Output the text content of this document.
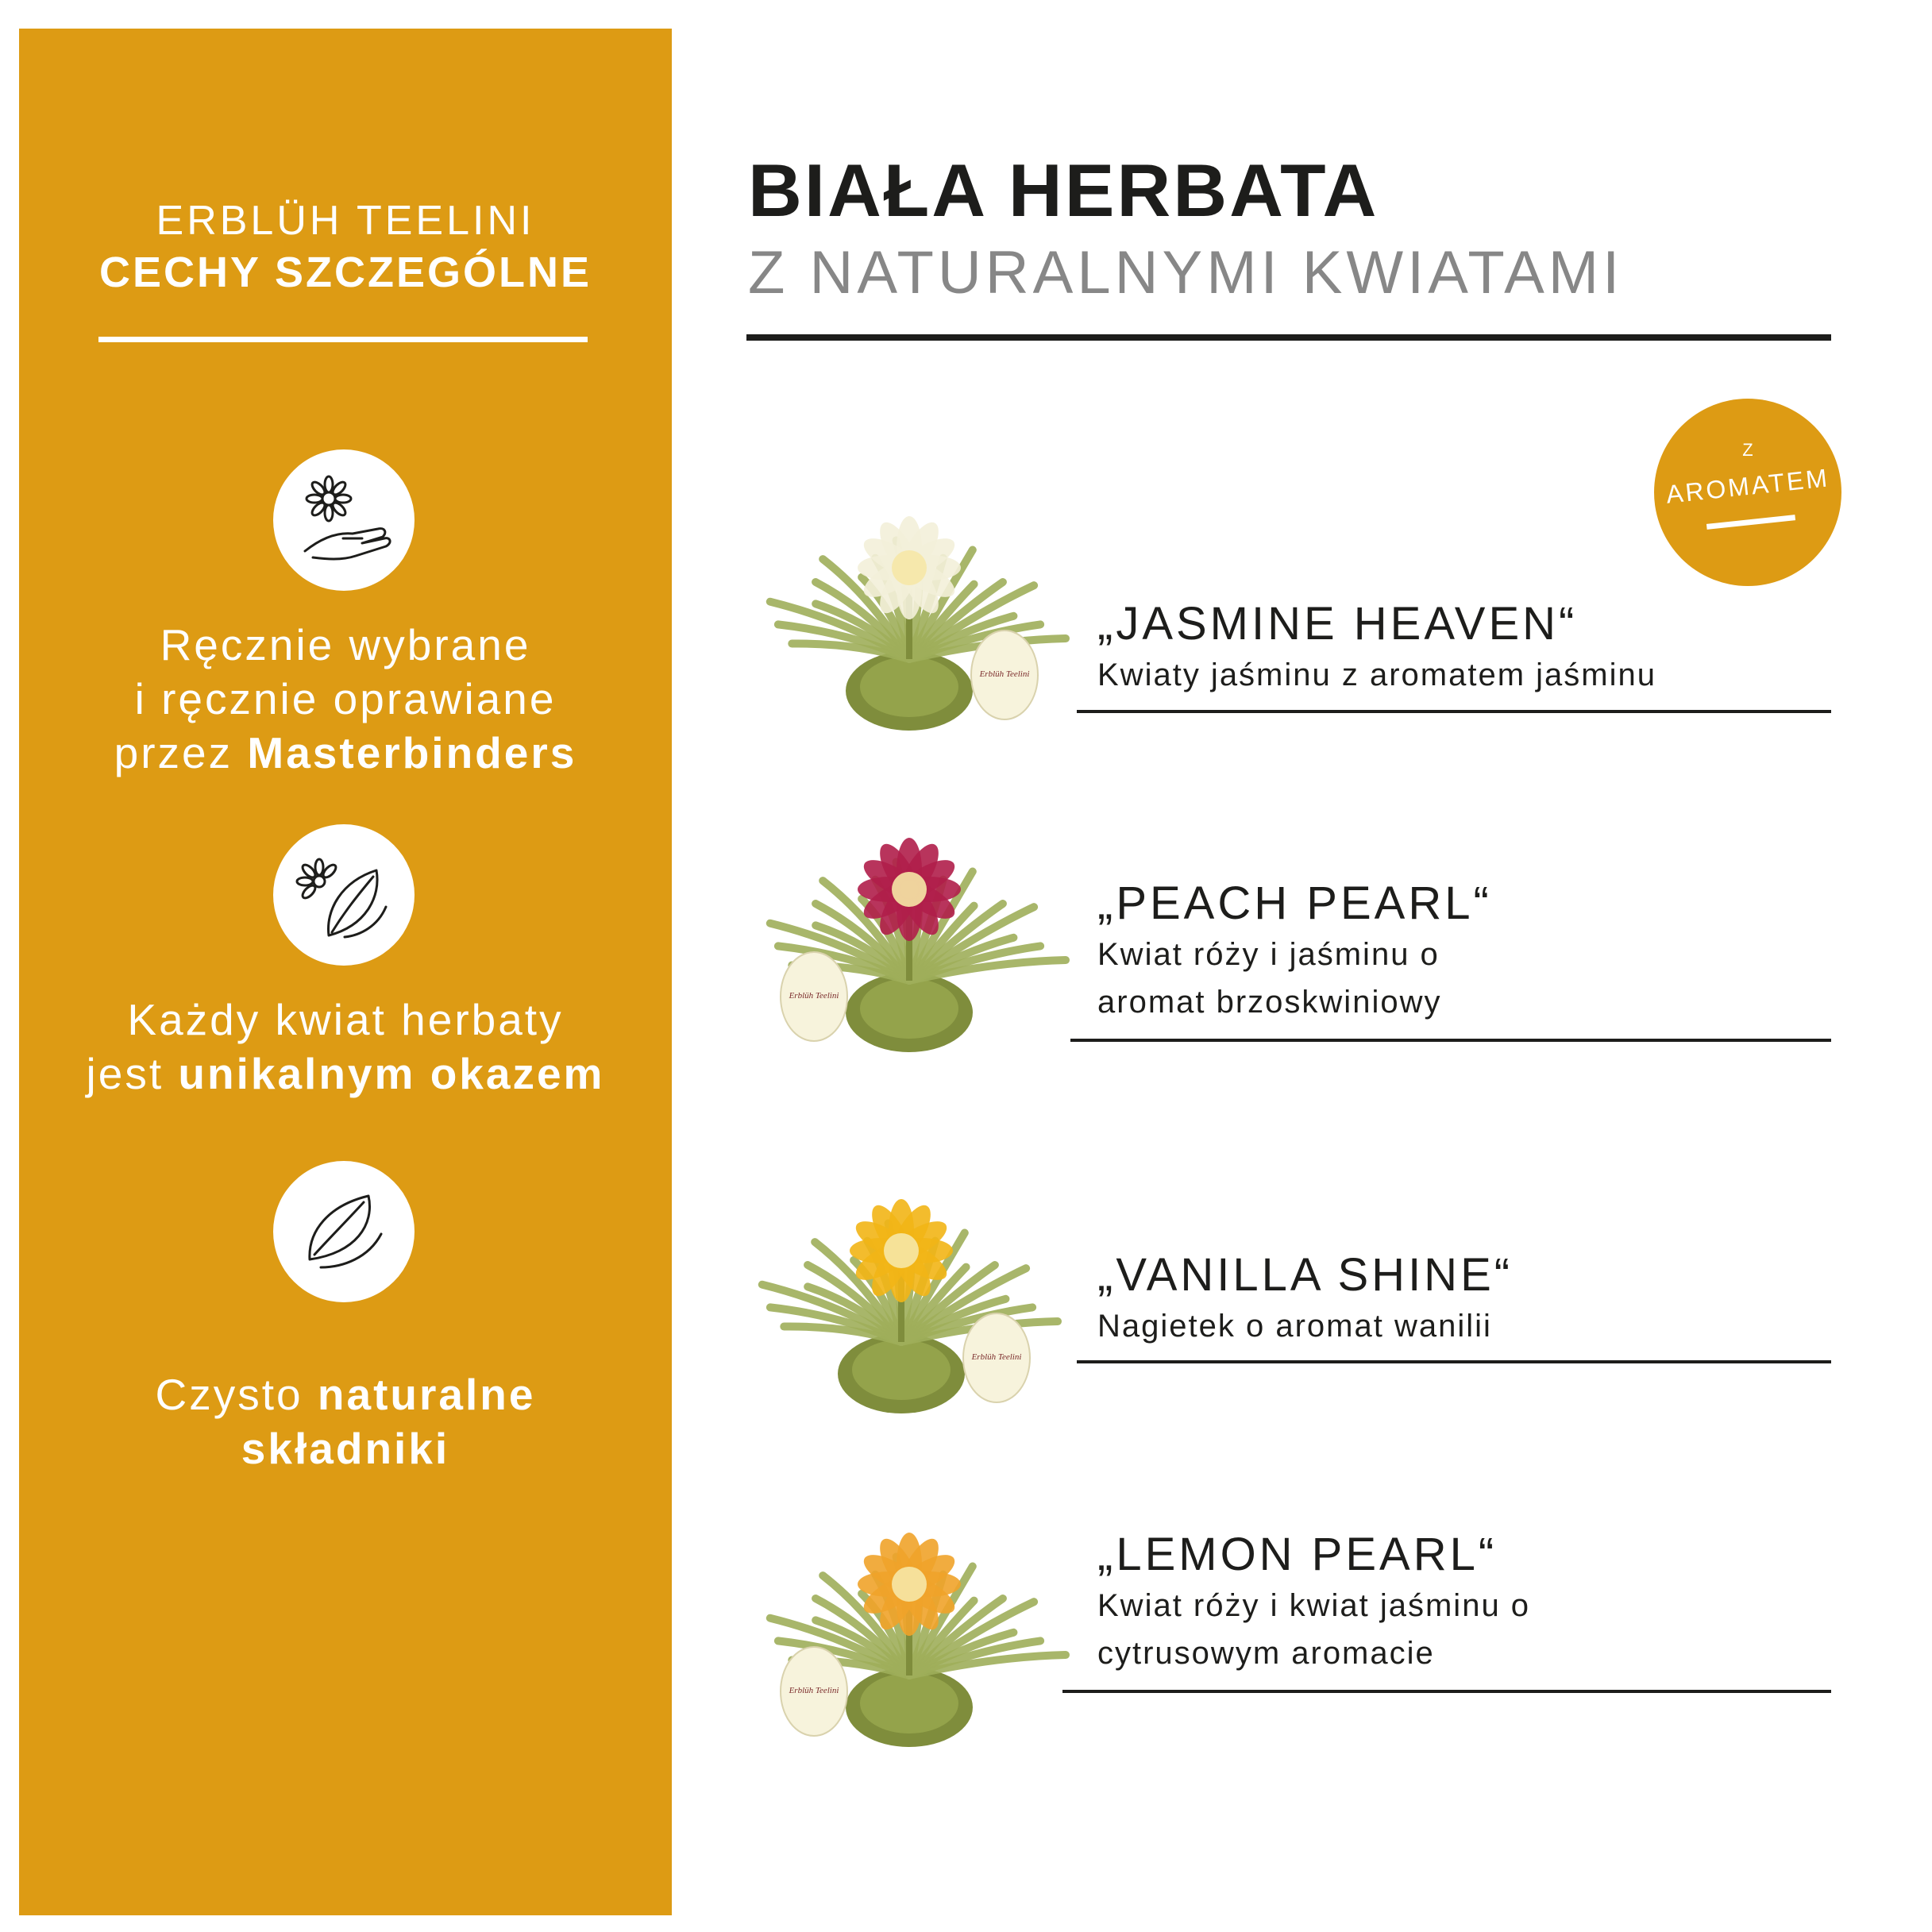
ERBLÜH TEELINI
CECHY SZCZEGÓLNE
Ręcznie wybrane
i ręcznie oprawiane
przez Masterbinders
Każdy kwiat herbaty
jest unikalnym okazem
Czysto naturalne
składniki
BIAŁA HERBATA
Z NATURALNYMI KWIATAMI
Z
AROMATEM
Erblüh Teelini
„JASMINE HEAVEN“
Kwiaty jaśminu z aromatem jaśminu
Erblüh Teelini
„PEACH PEARL“
Kwiat róży i jaśminu o
aromat brzoskwiniowy
Erblüh Teelini
„VANILLA SHINE“
Nagietek o aromat wanilii
Erblüh Teelini
„LEMON PEARL“
Kwiat róży i kwiat jaśminu o
cytrusowym aromacie
